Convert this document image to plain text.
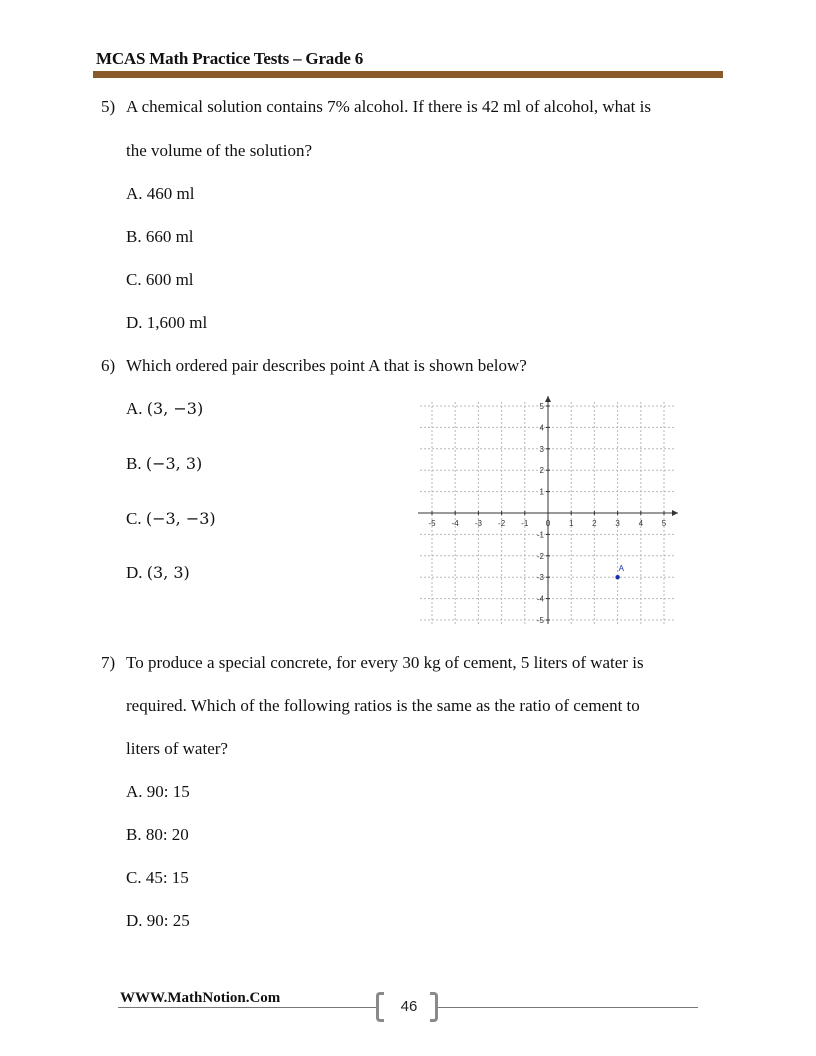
MCAS Math Practice Tests – Grade 6
5) A chemical solution contains 7% alcohol. If there is 42 ml of alcohol, what is
the volume of the solution?
A. 460 ml
B. 660 ml
C. 600 ml
D. 1,600 ml
6) Which ordered pair describes point A that is shown below?
A. (3, −3)
B. (−3, 3)
C. (−3, −3)
D. (3, 3)
-5 -4 -3 -2 -1 0 1 2 3 4 5
-5
-4
-3
-2
-1
1
2
3
4
5
A
7) To produce a special concrete, for every 30 kg of cement, 5 liters of water is
required. Which of the following ratios is the same as the ratio of cement to
liters of water?
A. 90: 15
B. 80: 20
C. 45: 15
D. 90: 25
WWW.MathNotion.Com	46
